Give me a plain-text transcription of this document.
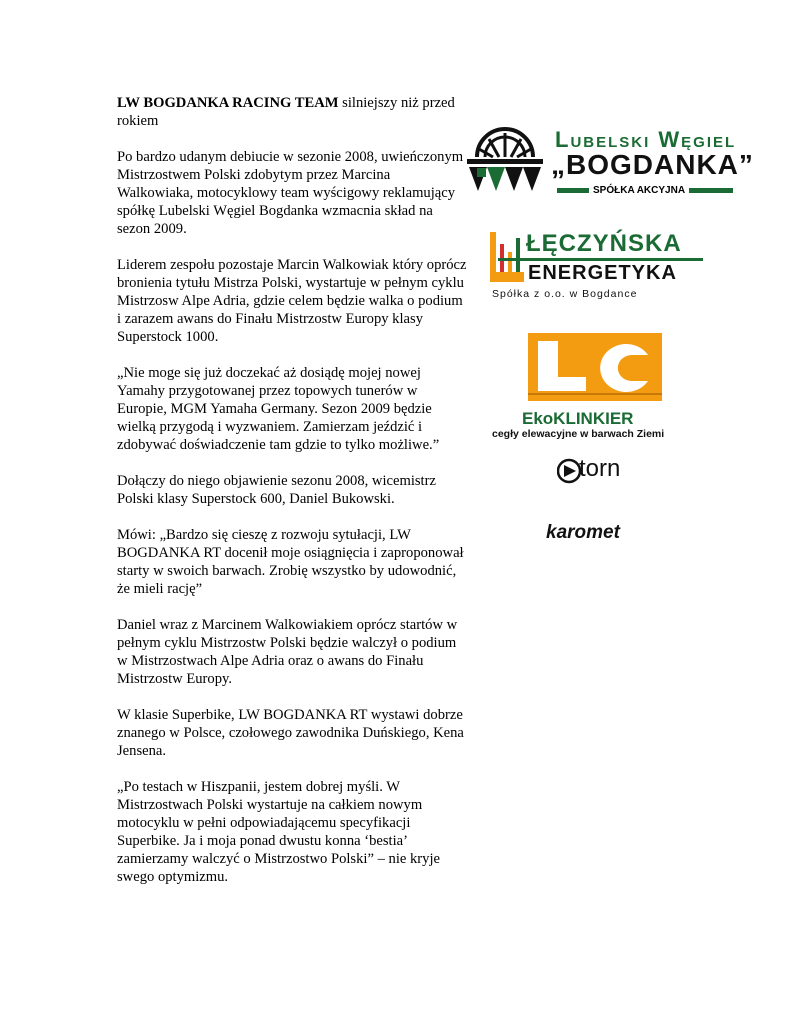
LW BOGDANKA RACING TEAM silniejszy niż przed rokiem

Po bardzo udanym debiucie w sezonie 2008, uwieńczonym Mistrzostwem Polski zdobytym przez Marcina Walkowiaka, motocyklowy team wyścigowy reklamujący spółkę Lubelski Węgiel Bogdanka wzmacnia skład na sezon 2009.

Liderem zespołu pozostaje Marcin Walkowiak który oprócz bronienia tytułu Mistrza Polski, wystartuje w pełnym cyklu Mistrzosw Alpe Adria, gdzie celem będzie walka o podium i zarazem awans do Finału Mistrzostw Europy klasy Superstock 1000.

„Nie moge się już doczekać aż dosiądę mojej nowej Yamahy przygotowanej przez topowych tunerów w Europie, MGM Yamaha Germany. Sezon 2009 będzie wielką przygodą i wyzwaniem. Zamierzam jeździć i zdobywać doświadczenie tam gdzie to tylko możliwe.”

Dołączy do niego objawienie sezonu 2008, wicemistrz Polski klasy Superstock 600, Daniel Bukowski.

Mówi: „Bardzo się cieszę z rozwoju sytułacji, LW BOGDANKA RT docenił moje osiągnięcia i zaproponował starty w swoich barwach. Zrobię wszystko by udowodnić, że mieli rację”

Daniel wraz z Marcinem Walkowiakiem oprócz startów w pełnym cyklu Mistrzostw Polski będzie walczył o podium w Mistrzostwach Alpe Adria oraz o awans do Finału Mistrzostw Europy.

W klasie Superbike, LW BOGDANKA RT wystawi dobrze znanego w Polsce, czołowego zawodnika Duńskiego, Kena Jensena.

„Po testach w Hiszpanii, jestem dobrej myśli. W Mistrzostwach Polski wystartuje na całkiem nowym motocyklu w pełni odpowiadającemu specyfikacji Superbike. Ja i moja ponad dwustu konna ‘bestia’ zamierzamy walczyć o Mistrzostwo Polski” – nie kryje swego optymizmu.

Lubelski Węgiel
„BOGDANKA”
SPÓŁKA AKCYJNA
ŁĘCZYŃSKA
ENERGETYKA
Spółka z o.o. w Bogdance
EkoKLINKIER
cegły elewacyjne w barwach Ziemi
torn
karomet
